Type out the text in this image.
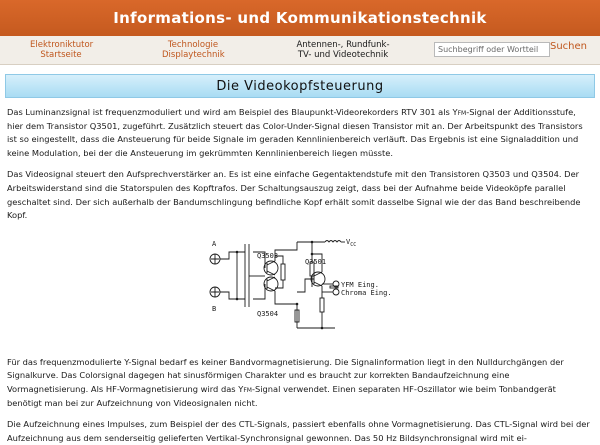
Informations- und Kommunikationstechnik
Elektroniktutor
Startseite
Technologie
Displaytechnik
Antennen-, Rundfunk-
TV- und Videotechnik
Suchbegriff oder Wortteil
Suchen
Die Videokopfsteuerung

Das Luminanzsignal ist frequenzmoduliert und wird am Beispiel des Blaupunkt-Videorekorders RTV 301 als Yfm-Signal der Additionsstufe, hier dem Transistor Q3501, zugeführt. Zusätzlich steuert das Color-Under-Signal diesen Transistor mit an. Der Arbeitspunkt des Transistors ist so eingestellt, dass die Ansteuerung für beide Signale im geraden Kennlinienbereich verläuft. Das Ergebnis ist eine Signaladdition und keine Modulation, bei der die Ansteuerung im gekrümmten Kennlinienbereich liegen müsste.

Das Videosignal steuert den Aufsprechverstärker an. Es ist eine einfache Gegentaktendstufe mit den Transistoren Q3503 und Q3504. Der Arbeitswiderstand sind die Statorspulen des Kopftrafos. Der Schaltungsauszug zeigt, dass bei der Aufnahme beide Videoköpfe parallel geschaltet sind. Der sich außerhalb der Bandumschlingung befindliche Kopf erhält somit dasselbe Signal wie der das Band beschreibende Kopf.

A
B
Q3503
Q3504
Q3501
$V_{CC}$
YFM Eing.
Chroma Eing.

Für das frequenzmodulierte Y-Signal bedarf es keiner Bandvormagnetisierung. Die Signalinformation liegt in den Nulldurchgängen der Signalkurve. Das Colorsignal dagegen hat sinusförmigen Charakter und es braucht zur korrekten Bandaufzeichnung eine Vormagnetisierung. Als HF-Vormagnetisierung wird das Yfm-Signal verwendet. Einen separaten HF-Oszillator wie beim Tonbandgerät benötigt man bei zur Aufzeichnung von Videosignalen nicht.

Die Aufzeichnung eines Impulses, zum Beispiel der des CTL-Signals, passiert ebenfalls ohne Vormagnetisierung. Das CTL-Signal wird bei der Aufzeichnung aus dem senderseitig gelieferten Vertikal-Synchronsignal gewonnen. Das 50 Hz Bildsynchronsignal wird mit ei-
